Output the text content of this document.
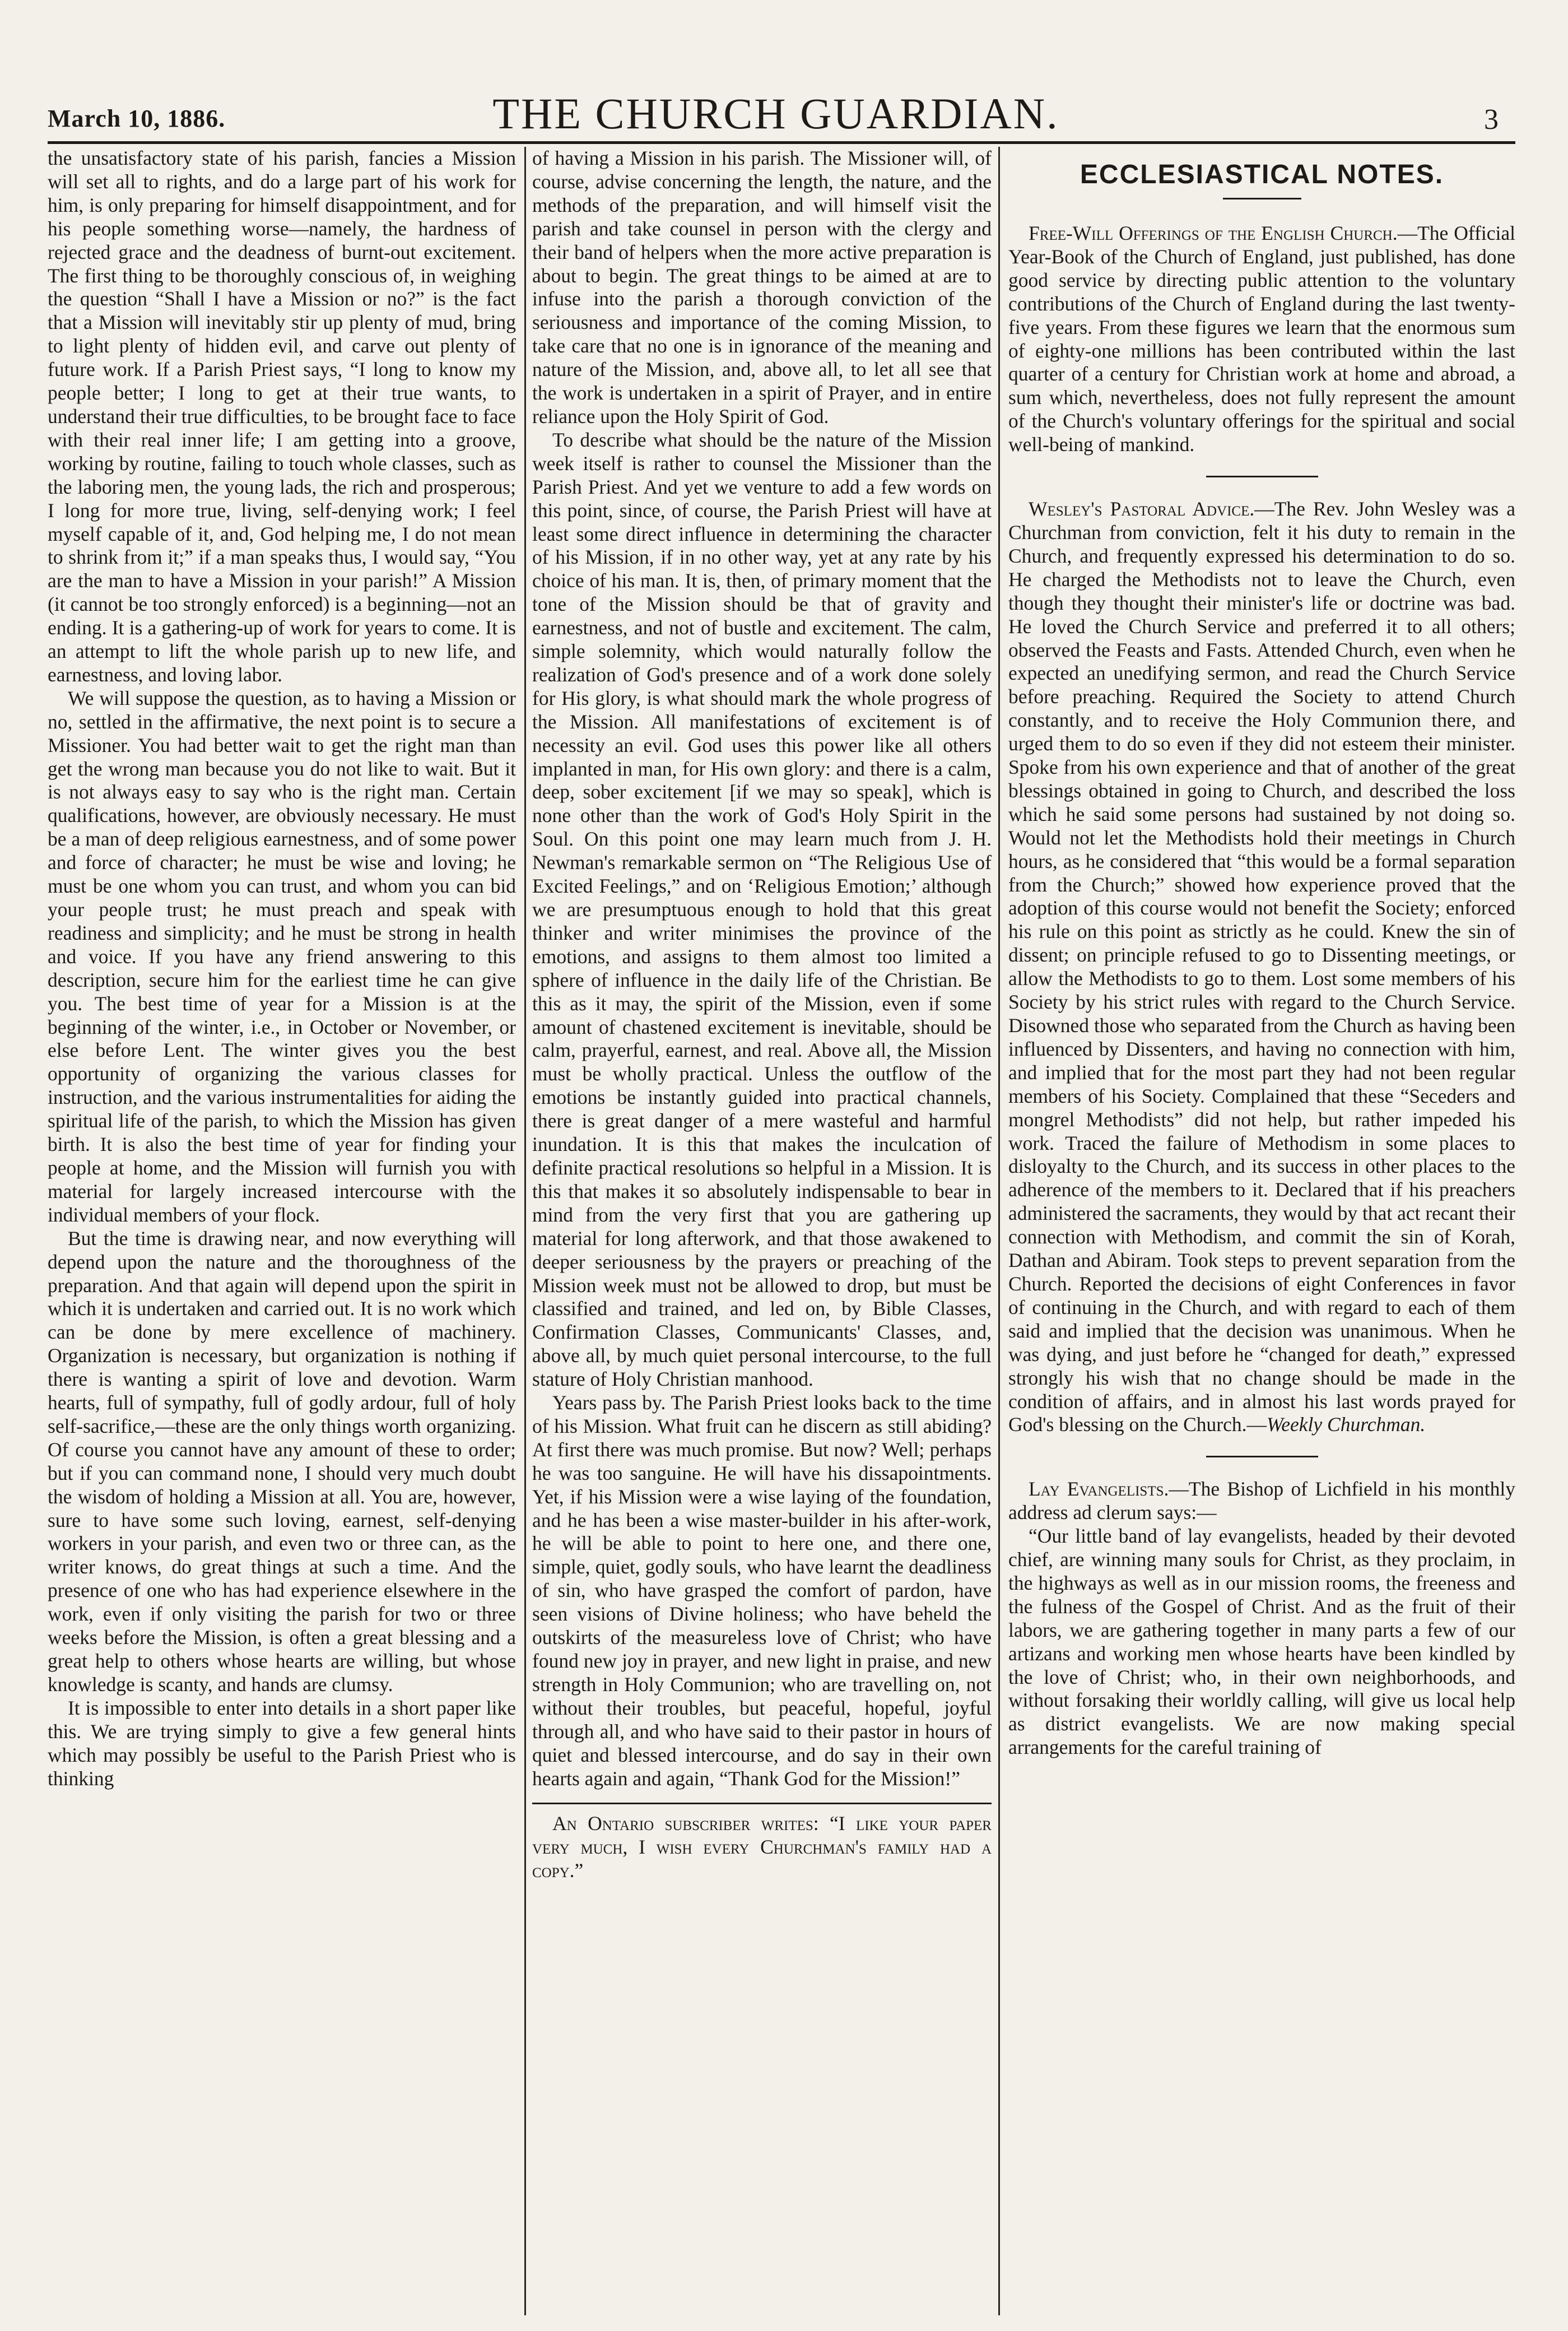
March 10, 1886.	THE CHURCH GUARDIAN.	3

the unsatisfactory state of his parish, fancies a Mission will set all to rights, and do a large part of his work for him, is only preparing for himself disappointment, and for his people something worse—namely, the hardness of rejected grace and the deadness of burnt-out excitement. The first thing to be thoroughly conscious of, in weighing the question “Shall I have a Mission or no?” is the fact that a Mission will inevitably stir up plenty of mud, bring to light plenty of hidden evil, and carve out plenty of future work. If a Parish Priest says, “I long to know my people better; I long to get at their true wants, to understand their true difficulties, to be brought face to face with their real inner life; I am getting into a groove, working by routine, failing to touch whole classes, such as the laboring men, the young lads, the rich and prosperous; I long for more true, living, self-denying work; I feel myself capable of it, and, God helping me, I do not mean to shrink from it;” if a man speaks thus, I would say, “You are the man to have a Mission in your parish!” A Mission (it cannot be too strongly enforced) is a beginning—not an ending. It is a gathering-up of work for years to come. It is an attempt to lift the whole parish up to new life, and earnestness, and loving labor.

We will suppose the question, as to having a Mission or no, settled in the affirmative, the next point is to secure a Missioner. You had better wait to get the right man than get the wrong man because you do not like to wait. But it is not always easy to say who is the right man. Certain qualifications, however, are obviously necessary. He must be a man of deep religious earnestness, and of some power and force of character; he must be wise and loving; he must be one whom you can trust, and whom you can bid your people trust; he must preach and speak with readiness and simplicity; and he must be strong in health and voice. If you have any friend answering to this description, secure him for the earliest time he can give you. The best time of year for a Mission is at the beginning of the winter, i.e., in October or November, or else before Lent. The winter gives you the best opportunity of organizing the various classes for instruction, and the various instrumentalities for aiding the spiritual life of the parish, to which the Mission has given birth. It is also the best time of year for finding your people at home, and the Mission will furnish you with material for largely increased intercourse with the individual members of your flock.

But the time is drawing near, and now everything will depend upon the nature and the thoroughness of the preparation. And that again will depend upon the spirit in which it is undertaken and carried out. It is no work which can be done by mere excellence of machinery. Organization is necessary, but organization is nothing if there is wanting a spirit of love and devotion. Warm hearts, full of sympathy, full of godly ardour, full of holy self-sacrifice,—these are the only things worth organizing. Of course you cannot have any amount of these to order; but if you can command none, I should very much doubt the wisdom of holding a Mission at all. You are, however, sure to have some such loving, earnest, self-denying workers in your parish, and even two or three can, as the writer knows, do great things at such a time. And the presence of one who has had experience elsewhere in the work, even if only visiting the parish for two or three weeks before the Mission, is often a great blessing and a great help to others whose hearts are willing, but whose knowledge is scanty, and hands are clumsy.

It is impossible to enter into details in a short paper like this. We are trying simply to give a few general hints which may possibly be useful to the Parish Priest who is thinking

of having a Mission in his parish. The Missioner will, of course, advise concerning the length, the nature, and the methods of the preparation, and will himself visit the parish and take counsel in person with the clergy and their band of helpers when the more active preparation is about to begin. The great things to be aimed at are to infuse into the parish a thorough conviction of the seriousness and importance of the coming Mission, to take care that no one is in ignorance of the meaning and nature of the Mission, and, above all, to let all see that the work is undertaken in a spirit of Prayer, and in entire reliance upon the Holy Spirit of God.

To describe what should be the nature of the Mission week itself is rather to counsel the Missioner than the Parish Priest. And yet we venture to add a few words on this point, since, of course, the Parish Priest will have at least some direct influence in determining the character of his Mission, if in no other way, yet at any rate by his choice of his man. It is, then, of primary moment that the tone of the Mission should be that of gravity and earnestness, and not of bustle and excitement. The calm, simple solemnity, which would naturally follow the realization of God's presence and of a work done solely for His glory, is what should mark the whole progress of the Mission. All manifestations of excitement is of necessity an evil. God uses this power like all others implanted in man, for His own glory: and there is a calm, deep, sober excitement [if we may so speak], which is none other than the work of God's Holy Spirit in the Soul. On this point one may learn much from J. H. Newman's remarkable sermon on “The Religious Use of Excited Feelings,” and on ‘Religious Emotion;’ although we are presumptuous enough to hold that this great thinker and writer minimises the province of the emotions, and assigns to them almost too limited a sphere of influence in the daily life of the Christian. Be this as it may, the spirit of the Mission, even if some amount of chastened excitement is inevitable, should be calm, prayerful, earnest, and real. Above all, the Mission must be wholly practical. Unless the outflow of the emotions be instantly guided into practical channels, there is great danger of a mere wasteful and harmful inundation. It is this that makes the inculcation of definite practical resolutions so helpful in a Mission. It is this that makes it so absolutely indispensable to bear in mind from the very first that you are gathering up material for long afterwork, and that those awakened to deeper seriousness by the prayers or preaching of the Mission week must not be allowed to drop, but must be classified and trained, and led on, by Bible Classes, Confirmation Classes, Communicants' Classes, and, above all, by much quiet personal intercourse, to the full stature of Holy Christian manhood.

Years pass by. The Parish Priest looks back to the time of his Mission. What fruit can he discern as still abiding? At first there was much promise. But now? Well; perhaps he was too sanguine. He will have his dissapointments. Yet, if his Mission were a wise laying of the foundation, and he has been a wise master-builder in his after-work, he will be able to point to here one, and there one, simple, quiet, godly souls, who have learnt the deadliness of sin, who have grasped the comfort of pardon, have seen visions of Divine holiness; who have beheld the outskirts of the measureless love of Christ; who have found new joy in prayer, and new light in praise, and new strength in Holy Communion; who are travelling on, not without their troubles, but peaceful, hopeful, joyful through all, and who have said to their pastor in hours of quiet and blessed intercourse, and do say in their own hearts again and again, “Thank God for the Mission!”

An Ontario subscriber writes: “I like your paper very much, I wish every Churchman's family had a copy.”

ECCLESIASTICAL NOTES.

Free-Will Offerings of the English Church.—The Official Year-Book of the Church of England, just published, has done good service by directing public attention to the voluntary contributions of the Church of England during the last twenty-five years. From these figures we learn that the enormous sum of eighty-one millions has been contributed within the last quarter of a century for Christian work at home and abroad, a sum which, nevertheless, does not fully represent the amount of the Church's voluntary offerings for the spiritual and social well-being of mankind.

Wesley's Pastoral Advice.—The Rev. John Wesley was a Churchman from conviction, felt it his duty to remain in the Church, and frequently expressed his determination to do so. He charged the Methodists not to leave the Church, even though they thought their minister's life or doctrine was bad. He loved the Church Service and preferred it to all others; observed the Feasts and Fasts. Attended Church, even when he expected an unedifying sermon, and read the Church Service before preaching. Required the Society to attend Church constantly, and to receive the Holy Communion there, and urged them to do so even if they did not esteem their minister. Spoke from his own experience and that of another of the great blessings obtained in going to Church, and described the loss which he said some persons had sustained by not doing so. Would not let the Methodists hold their meetings in Church hours, as he considered that “this would be a formal separation from the Church;” showed how experience proved that the adoption of this course would not benefit the Society; enforced his rule on this point as strictly as he could. Knew the sin of dissent; on principle refused to go to Dissenting meetings, or allow the Methodists to go to them. Lost some members of his Society by his strict rules with regard to the Church Service. Disowned those who separated from the Church as having been influenced by Dissenters, and having no connection with him, and implied that for the most part they had not been regular members of his Society. Complained that these “Seceders and mongrel Methodists” did not help, but rather impeded his work. Traced the failure of Methodism in some places to disloyalty to the Church, and its success in other places to the adherence of the members to it. Declared that if his preachers administered the sacraments, they would by that act recant their connection with Methodism, and commit the sin of Korah, Dathan and Abiram. Took steps to prevent separation from the Church. Reported the decisions of eight Conferences in favor of continuing in the Church, and with regard to each of them said and implied that the decision was unanimous. When he was dying, and just before he “changed for death,” expressed strongly his wish that no change should be made in the condition of affairs, and in almost his last words prayed for God's blessing on the Church.—Weekly Churchman.

Lay Evangelists.—The Bishop of Lichfield in his monthly address ad clerum says:—

“Our little band of lay evangelists, headed by their devoted chief, are winning many souls for Christ, as they proclaim, in the highways as well as in our mission rooms, the freeness and the fulness of the Gospel of Christ. And as the fruit of their labors, we are gathering together in many parts a few of our artizans and working men whose hearts have been kindled by the love of Christ; who, in their own neighborhoods, and without forsaking their worldly calling, will give us local help as district evangelists. We are now making special arrangements for the careful training of
